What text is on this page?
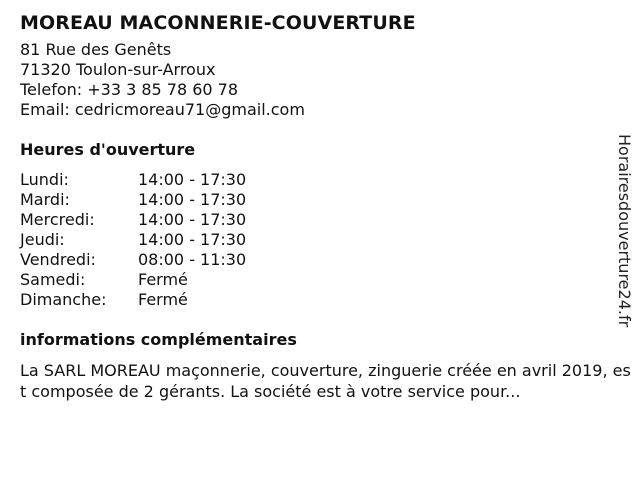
MOREAU MACONNERIE-COUVERTURE
81 Rue des Genêts
71320 Toulon-sur-Arroux
Telefon: +33 3 85 78 60 78
Email: cedricmoreau71@gmail.com
Heures d'ouverture
Lundi:	14:00 - 17:30
Mardi:	14:00 - 17:30
Mercredi:	14:00 - 17:30
Jeudi:	14:00 - 17:30
Vendredi:	08:00 - 11:30
Samedi:	Fermé
Dimanche:	Fermé
informations complémentaires
La SARL MOREAU maçonnerie, couverture, zinguerie créée en avril 2019, est composée de 2 gérants. La société est à votre service pour...
Horairesdouverture24.fr
